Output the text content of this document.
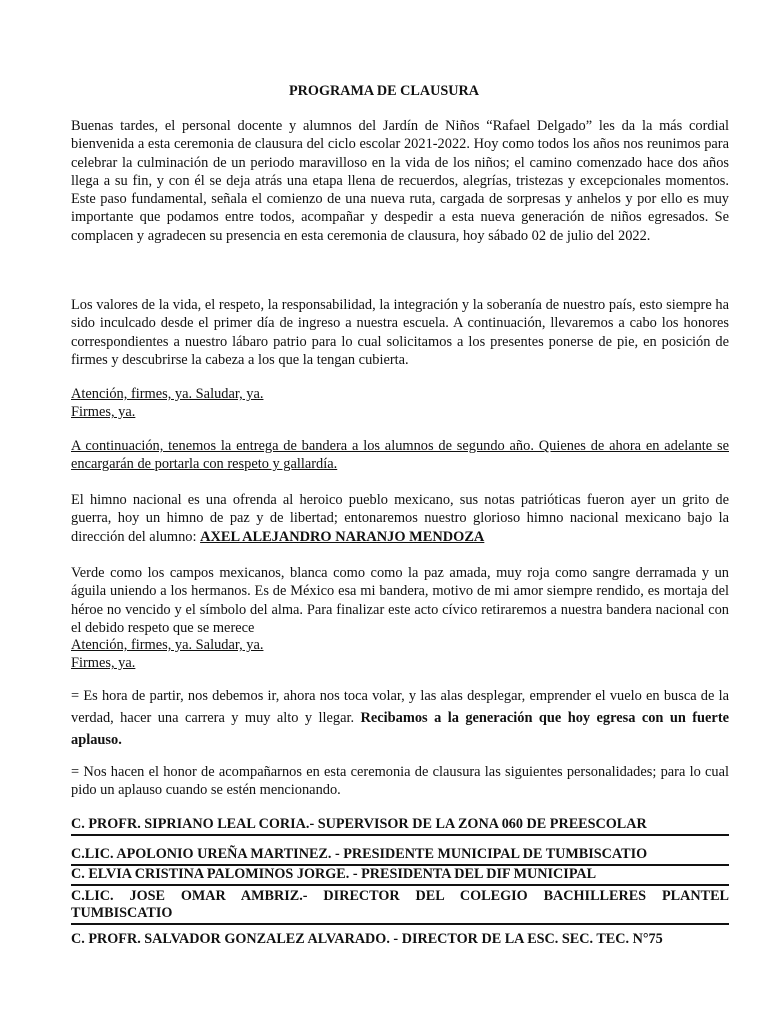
PROGRAMA DE CLAUSURA

Buenas tardes, el personal docente y alumnos del Jardín de Niños “Rafael Delgado” les da la más cordial bienvenida a esta ceremonia de clausura del ciclo escolar 2021-2022. Hoy como todos los años nos reunimos para celebrar la culminación de un periodo maravilloso en la vida de los niños; el camino comenzado hace dos años llega a su fin, y con él se deja atrás una etapa llena de recuerdos, alegrías, tristezas y excepcionales momentos. Este paso fundamental, señala el comienzo de una nueva ruta, cargada de sorpresas y anhelos y por ello es muy importante que podamos entre todos, acompañar y despedir a esta nueva generación de niños egresados. Se complacen y agradecen su presencia en esta ceremonia de clausura, hoy sábado 02 de julio del 2022.

Los valores de la vida, el respeto, la responsabilidad, la integración y la soberanía de nuestro país, esto siempre ha sido inculcado desde el primer día de ingreso a nuestra escuela. A continuación, llevaremos a cabo los honores correspondientes a nuestro lábaro patrio para lo cual solicitamos a los presentes ponerse de pie, en posición de firmes y descubrirse la cabeza a los que la tengan cubierta.

Atención, firmes, ya. Saludar, ya.
Firmes, ya.

A continuación, tenemos la entrega de bandera a los alumnos de segundo año. Quienes de ahora en adelante se encargarán de portarla con respeto y gallardía.

El himno nacional es una ofrenda al heroico pueblo mexicano, sus notas patrióticas fueron ayer un grito de guerra, hoy un himno de paz y de libertad; entonaremos nuestro glorioso himno nacional mexicano bajo la dirección del alumno: AXEL ALEJANDRO NARANJO MENDOZA

Verde como los campos mexicanos, blanca como como la paz amada, muy roja como sangre derramada y un águila uniendo a los hermanos. Es de México esa mi bandera, motivo de mi amor siempre rendido, es mortaja del héroe no vencido y el símbolo del alma. Para finalizar este acto cívico retiraremos a nuestra bandera nacional con el debido respeto que se merece

Atención, firmes, ya. Saludar, ya.
Firmes, ya.

= Es hora de partir, nos debemos ir, ahora nos toca volar, y las alas desplegar, emprender el vuelo en busca de la verdad, hacer una carrera y muy alto y llegar. Recibamos a la generación que hoy egresa con un fuerte aplauso.

= Nos hacen el honor de acompañarnos en esta ceremonia de clausura las siguientes personalidades; para lo cual pido un aplauso cuando se estén mencionando.

C. PROFR. SIPRIANO LEAL CORIA.- SUPERVISOR DE LA ZONA 060 DE PREESCOLAR
C.LIC. APOLONIO UREÑA MARTINEZ. - PRESIDENTE MUNICIPAL DE TUMBISCATIO
C. ELVIA CRISTINA PALOMINOS JORGE. - PRESIDENTA DEL DIF MUNICIPAL
C.LIC. JOSE OMAR AMBRIZ.- DIRECTOR DEL COLEGIO BACHILLERES PLANTEL TUMBISCATIO
C. PROFR. SALVADOR GONZALEZ ALVARADO. - DIRECTOR DE LA ESC. SEC. TEC. N°75
